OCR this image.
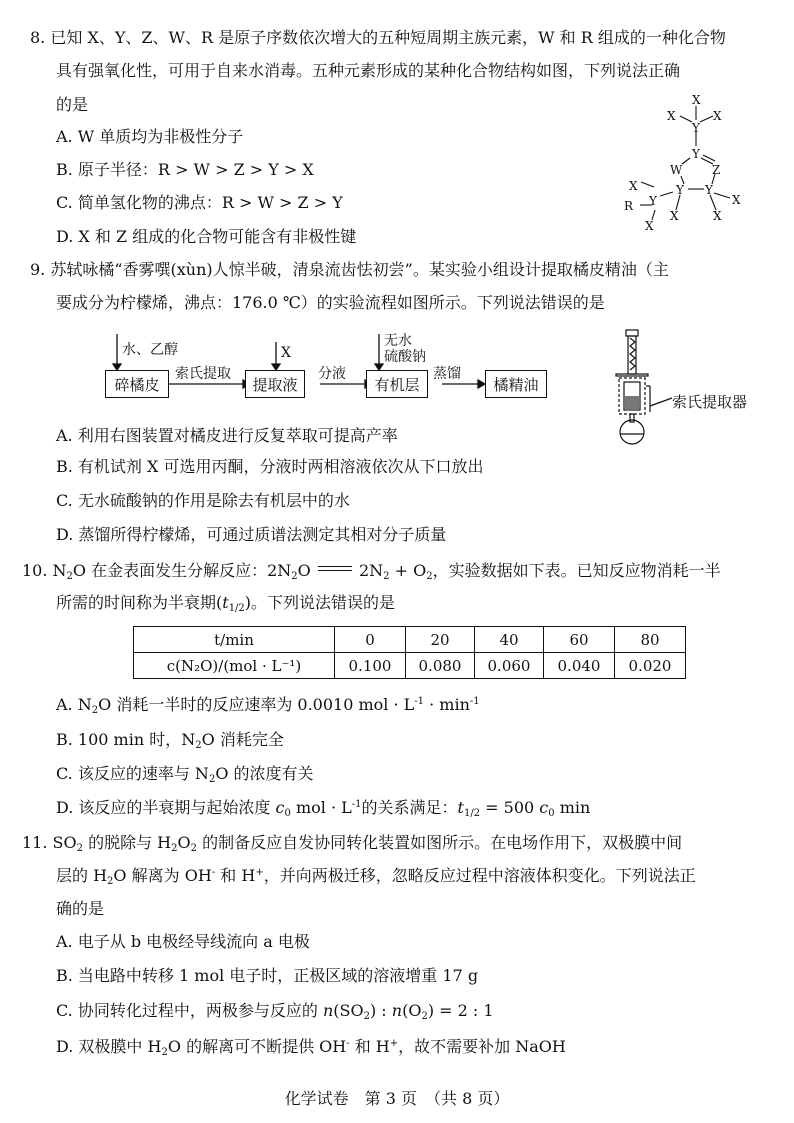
8. 已知 X、Y、Z、W、R 是原子序数依次增大的五种短周期主族元素，W 和 R 组成的一种化合物
具有强氧化性，可用于自来水消毒。五种元素形成的某种化合物结构如图，下列说法正确
的是
A. W 单质均为非极性分子
B. 原子半径：R > W > Z > Y > X
C. 简单氢化物的沸点：R > W > Z > Y
D. X 和 Z 组成的化合物可能含有非极性键
X
X	X
Y
Y
W Z
Y Y
Y
X
R
X
X
X
X
9. 苏轼咏橘“香雾噀(xùn)人惊半破，清泉流齿怯初尝”。某实验小组设计提取橘皮精油（主
要成分为柠檬烯，沸点：176.0 ℃）的实验流程如图所示。下列说法错误的是
碎橘皮	提取液	有机层	橘精油
水、乙醇	X
无水
硫酸钠
索氏提取	分液	蒸馏
索氏提取器
A. 利用右图装置对橘皮进行反复萃取可提高产率
B. 有机试剂 X 可选用丙酮，分液时两相溶液依次从下口放出
C. 无水硫酸钠的作用是除去有机层中的水
D. 蒸馏所得柠檬烯，可通过质谱法测定其相对分子质量
10. $N_2O$ 在金表面发生分解反应：$2N_2O$	$2N_2 + O_2$，实验数据如下表。已知反应物消耗一半
所需的时间称为半衰期$(t_{1/2})$。下列说法错误的是
t/min	0	20	40	60	80
c(N₂O)/(mol · L⁻¹)	0.100	0.080	0.060	0.040	0.020
A. $N_2O$ 消耗一半时的反应速率为 0.0010 mol · $L^{-1} \cdot \min^{-1}$
B. 100 min 时，$N_2O$ 消耗完全
C. 该反应的速率与 $N_2O$ 的浓度有关
D. 该反应的半衰期与起始浓度 $c_0$ mol · $L^{-1}$的关系满足：$t_{1/2} = 500$ $c_0$ min
11. $SO_2$ 的脱除与 $H_2O_2$ 的制备反应自发协同转化装置如图所示。在电场作用下，双极膜中间
层的 $H_2O$ 解离为 OH- 和 H+，并向两极迁移，忽略反应过程中溶液体积变化。下列说法正
确的是
A. 电子从 b 电极经导线流向 a 电极
B. 当电路中转移 1 mol 电子时，正极区域的溶液增重 17 g
C. 协同转化过程中，两极参与反应的 $n(SO_2)$ : $n(O_2) = 2$ : 1
D. 双极膜中 $H_2O$ 的解离可不断提供 OH- 和 H+，故不需要补加 NaOH
化学试卷　第 3 页　（共 8 页）
